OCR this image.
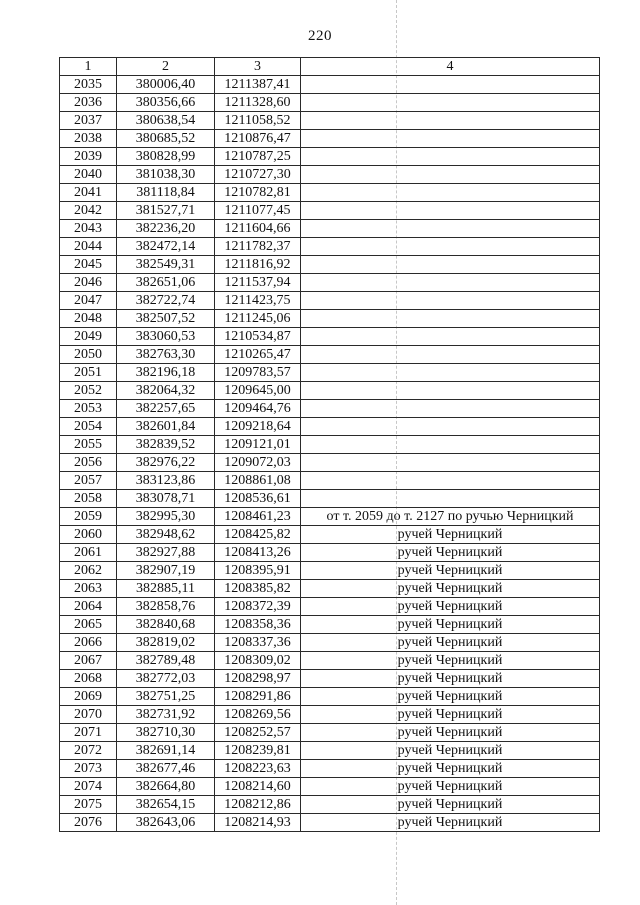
220
1	2	3	4
2035	380006,40	1211387,41	
2036	380356,66	1211328,60	
2037	380638,54	1211058,52	
2038	380685,52	1210876,47	
2039	380828,99	1210787,25	
2040	381038,30	1210727,30	
2041	381118,84	1210782,81	
2042	381527,71	1211077,45	
2043	382236,20	1211604,66	
2044	382472,14	1211782,37	
2045	382549,31	1211816,92	
2046	382651,06	1211537,94	
2047	382722,74	1211423,75	
2048	382507,52	1211245,06	
2049	383060,53	1210534,87	
2050	382763,30	1210265,47	
2051	382196,18	1209783,57	
2052	382064,32	1209645,00	
2053	382257,65	1209464,76	
2054	382601,84	1209218,64	
2055	382839,52	1209121,01	
2056	382976,22	1209072,03	
2057	383123,86	1208861,08	
2058	383078,71	1208536,61	
2059	382995,30	1208461,23	от т. 2059 до т. 2127 по ручью Черницкий
2060	382948,62	1208425,82	ручей Черницкий
2061	382927,88	1208413,26	ручей Черницкий
2062	382907,19	1208395,91	ручей Черницкий
2063	382885,11	1208385,82	ручей Черницкий
2064	382858,76	1208372,39	ручей Черницкий
2065	382840,68	1208358,36	ручей Черницкий
2066	382819,02	1208337,36	ручей Черницкий
2067	382789,48	1208309,02	ручей Черницкий
2068	382772,03	1208298,97	ручей Черницкий
2069	382751,25	1208291,86	ручей Черницкий
2070	382731,92	1208269,56	ручей Черницкий
2071	382710,30	1208252,57	ручей Черницкий
2072	382691,14	1208239,81	ручей Черницкий
2073	382677,46	1208223,63	ручей Черницкий
2074	382664,80	1208214,60	ручей Черницкий
2075	382654,15	1208212,86	ручей Черницкий
2076	382643,06	1208214,93	ручей Черницкий
